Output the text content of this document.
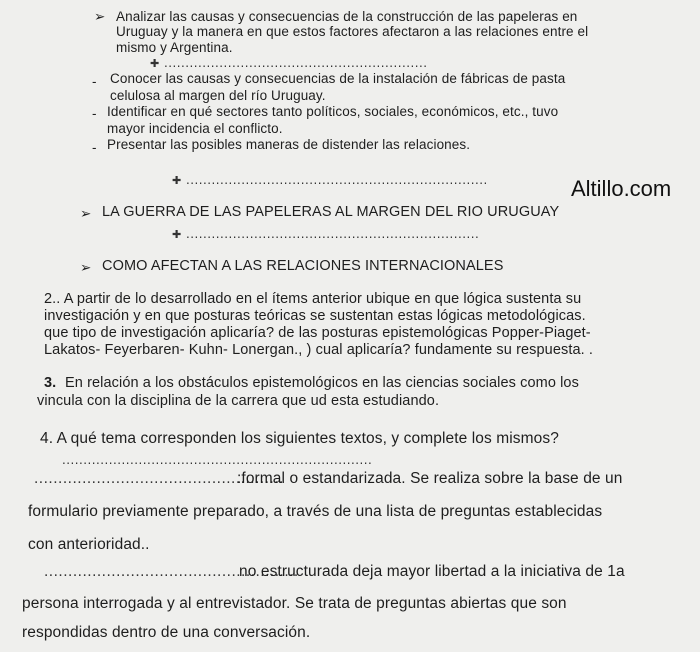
➢ Analizar las causas y consecuencias de la construcción de las papeleras en
Uruguay y la manera en que estos factores afectaron a las relaciones entre el
mismo y Argentina.
✚ ..............................................................
- Conocer las causas y consecuencias de la instalación de fábricas de pasta
celulosa al margen del río Uruguay.
- Identificar en qué sectores tanto políticos, sociales, económicos, etc., tuvo
mayor incidencia el conflicto.
- Presentar las posibles maneras de distender las relaciones.
Altillo.com
✚ .......................................................................
➢ LA GUERRA DE LAS PAPELERAS AL MARGEN DEL RIO URUGUAY
✚ .....................................................................
➢ COMO AFECTAN A LAS RELACIONES INTERNACIONALES
2.. A partir de lo desarrollado en el ítems anterior ubique en que lógica sustenta su
investigación y en que posturas teóricas se sustentan estas lógicas metodológicas.
que tipo de investigación aplicaría? de las posturas epistemológicas Popper-Piaget-
Lakatos- Feyerbaren- Kuhn- Lonergan., ) cual aplicaría? fundamente su respuesta. .
3. En relación a los obstáculos epistemológicos en las ciencias sociales como los
vincula con la disciplina de la carrera que ud esta estudiando.
4. A qué tema corresponden los siguientes textos, y complete los mismos?
.........................................................................
....................................................
:formal o estandarizada. Se realiza sobre la base de un
formulario previamente preparado, a través de una lista de preguntas establecidas
con anterioridad..
.....................................................
no estructurada deja mayor libertad a la iniciativa de 1a
persona interrogada y al entrevistador. Se trata de preguntas abiertas que son
respondidas dentro de una conversación.
